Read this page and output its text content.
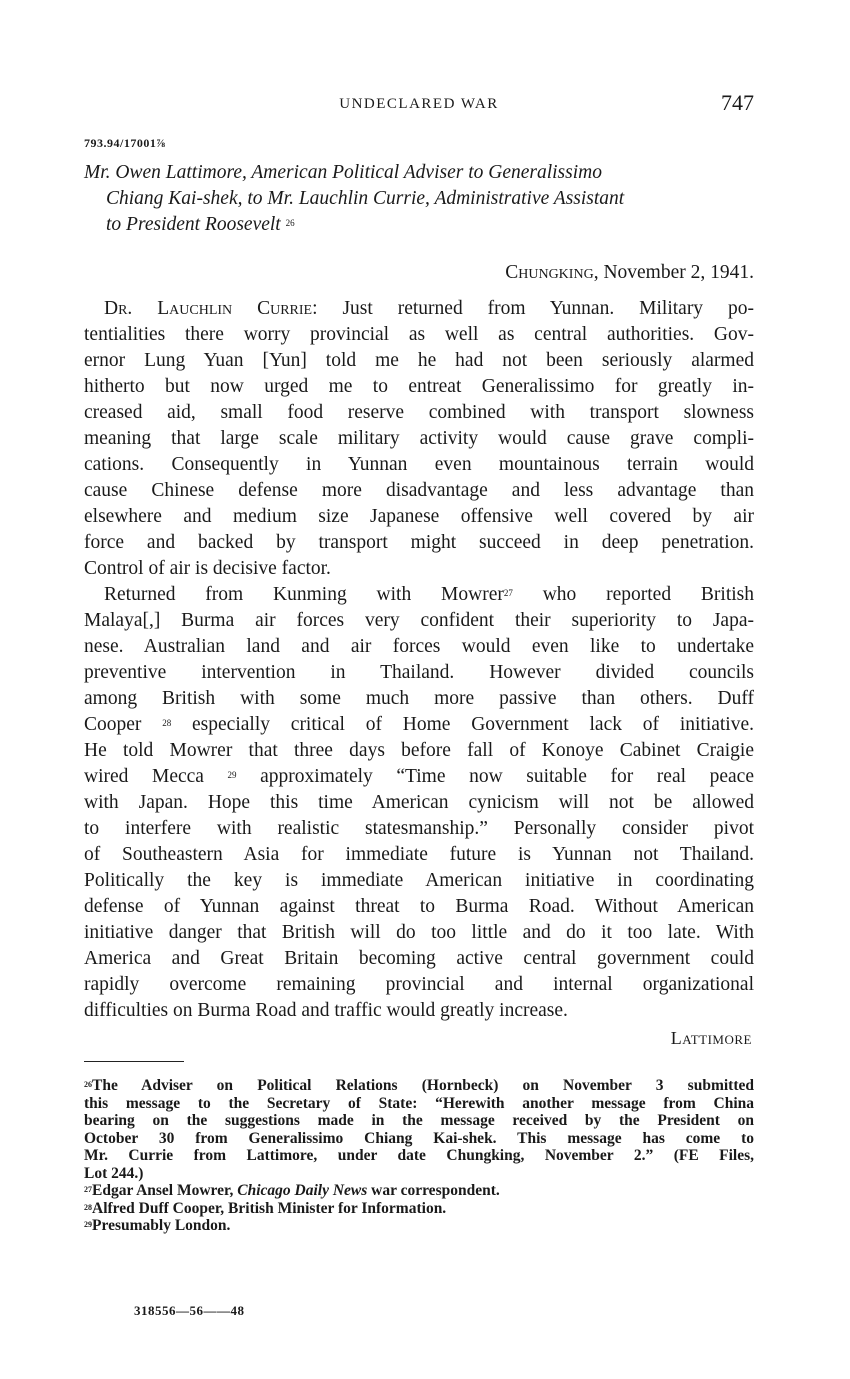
UNDECLARED WAR	747
793.94/17001⅞
Mr. Owen Lattimore, American Political Adviser to Generalissimo
Chiang Kai-shek, to Mr. Lauchlin Currie, Administrative Assistant
to President Roosevelt $^{26}$
Chungking, November 2, 1941.
Dr. Lauchlin Currie: Just returned from Yunnan. Military po-
tentialities there worry provincial as well as central authorities. Gov-
ernor Lung Yuan [Yun] told me he had not been seriously alarmed
hitherto but now urged me to entreat Generalissimo for greatly in-
creased aid, small food reserve combined with transport slowness
meaning that large scale military activity would cause grave compli-
cations. Consequently in Yunnan even mountainous terrain would
cause Chinese defense more disadvantage and less advantage than
elsewhere and medium size Japanese offensive well covered by air
force and backed by transport might succeed in deep penetration.
Control of air is decisive factor.
Returned from Kunming with Mowrer$^{27}$ who reported British
Malaya[,] Burma air forces very confident their superiority to Japa-
nese. Australian land and air forces would even like to undertake
preventive intervention in Thailand. However divided councils
among British with some much more passive than others. Duff
Cooper $^{28}$ especially critical of Home Government lack of initiative.
He told Mowrer that three days before fall of Konoye Cabinet Craigie
wired Mecca	$^{29}$ approximately “Time now suitable for real peace
with Japan. Hope this time American cynicism will not be allowed
to interfere with realistic statesmanship.” Personally consider pivot
of Southeastern Asia for immediate future is Yunnan not Thailand.
Politically the key is immediate American initiative in coordinating
defense of Yunnan against threat to Burma Road. Without American
initiative danger that British will do too little and do it too late. With
America and Great Britain becoming active central government could
rapidly overcome remaining provincial and internal organizational
difficulties on Burma Road and traffic would greatly increase.
Lattimore
$^{26}$The Adviser on Political Relations (Hornbeck) on November 3 submitted
this message to the Secretary of State: “Herewith another message from China
bearing on the suggestions made in the message received by the President on
October 30 from Generalissimo Chiang Kai-shek. This message has come to
Mr. Currie from Lattimore, under date Chungking, November 2.” (FE Files,
Lot 244.)
$^{27}$Edgar Ansel Mowrer, Chicago Daily News war correspondent.
$^{28}$Alfred Duff Cooper, British Minister for Information.
$^{29}$Presumably London.
318556—56——48
